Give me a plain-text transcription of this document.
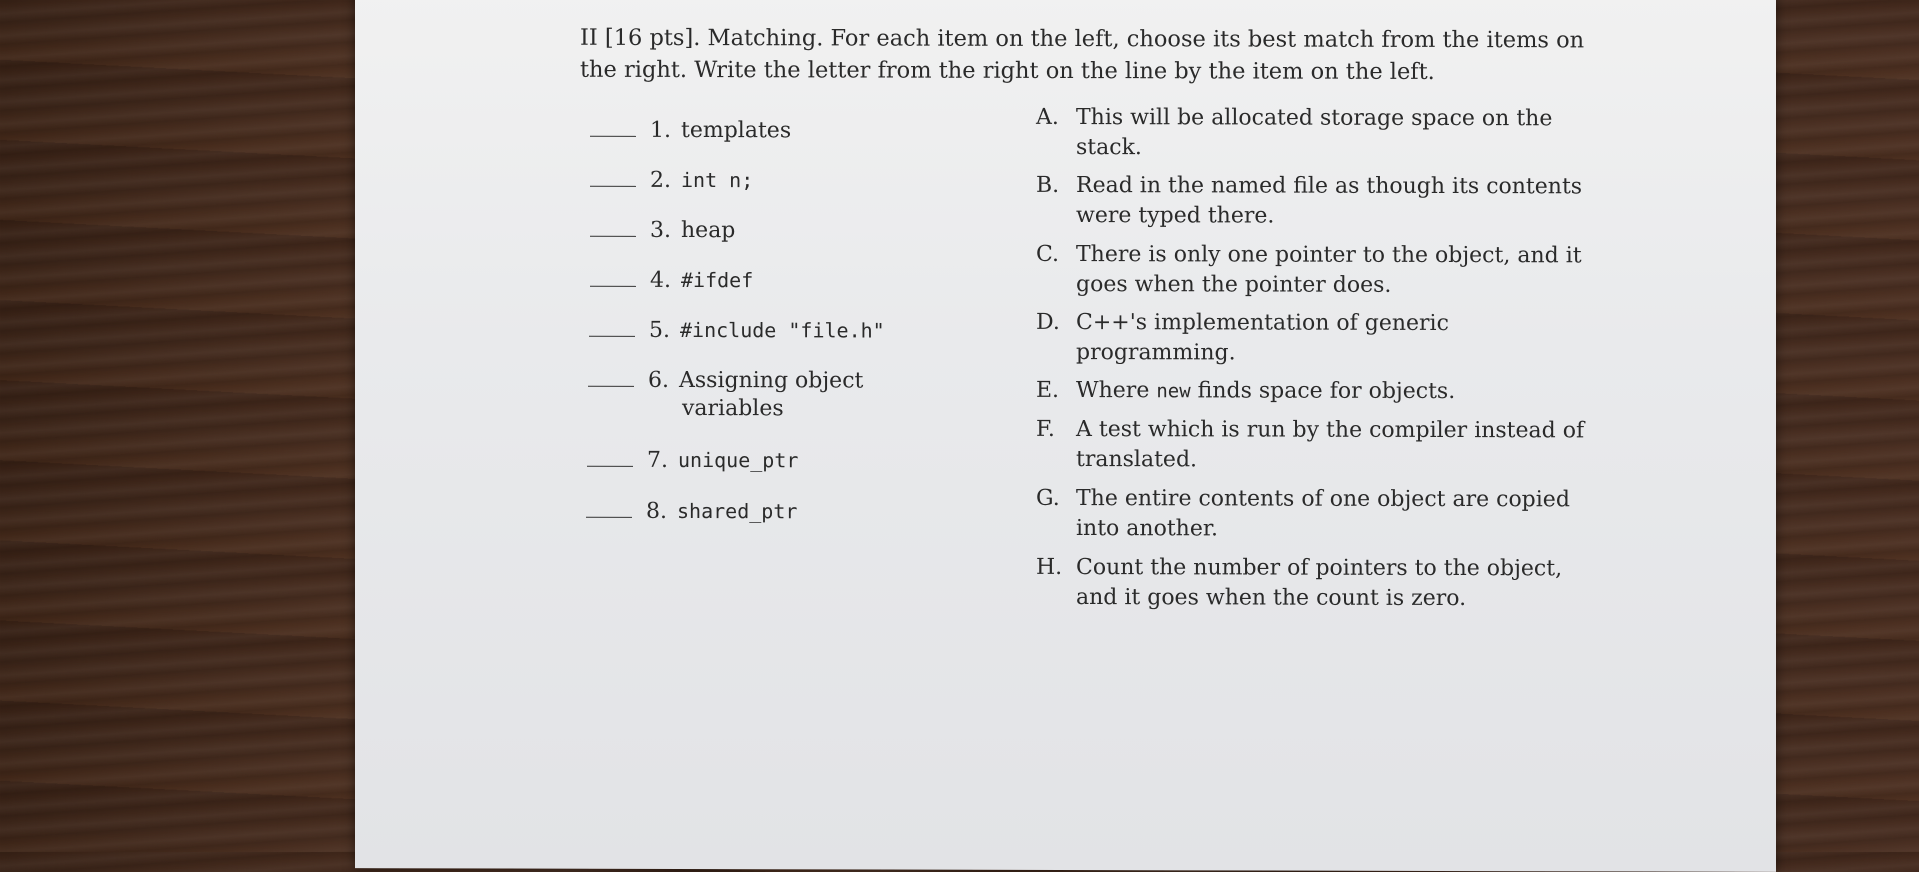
II [16 pts]. Matching. For each item on the left, choose its best match from the items on
the right. Write the letter from the right on the line by the item on the left.
1. templates
2. int n;
3. heap
4. #ifdef
5. #include "file.h"
6. Assigning object
variables
7. unique_ptr
8. shared_ptr
A. This will be allocated storage space on the
stack.
B. Read in the named file as though its contents
were typed there.
C. There is only one pointer to the object, and it
goes when the pointer does.
D. C++'s implementation of generic
programming.
E. Where new finds space for objects.
F. A test which is run by the compiler instead of
translated.
G. The entire contents of one object are copied
into another.
H. Count the number of pointers to the object,
and it goes when the count is zero.
